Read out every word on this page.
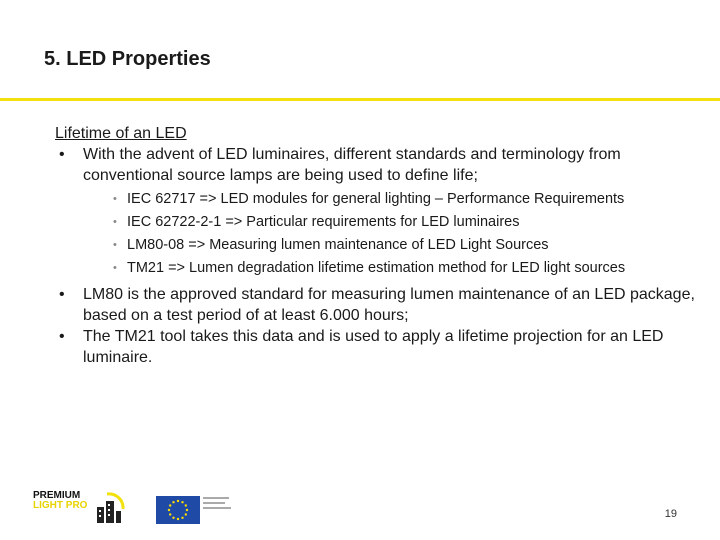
5. LED Properties
Lifetime of an LED
• With the advent of LED luminaires, different standards and terminology from conventional source lamps are being used to define life;
• IEC 62717 => LED modules for general lighting – Performance Requirements
• IEC 62722-2-1 => Particular requirements for LED luminaires
• LM80-08 => Measuring lumen maintenance of LED Light Sources
• TM21 => Lumen degradation lifetime estimation method for LED light sources
• LM80 is the approved standard for measuring lumen maintenance of an LED package, based on a test period of at least 6.000 hours;
• The TM21 tool takes this data and is used to apply a lifetime projection for an LED luminaire.
PREMIUM
LIGHT PRO
19
